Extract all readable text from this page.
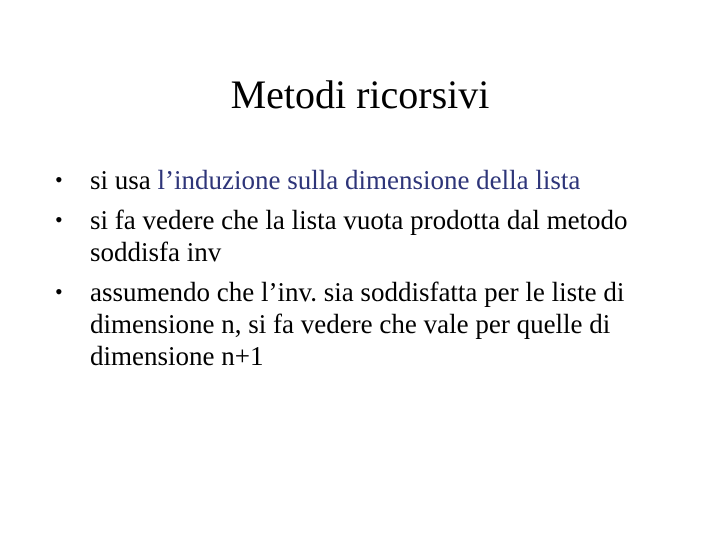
Metodi ricorsivi
• si usa l’induzione sulla dimensione della lista
• si fa vedere che la lista vuota prodotta dal metodo soddisfa inv
• assumendo che l’inv. sia soddisfatta per le liste di dimensione n, si fa vedere che vale per quelle di dimensione n+1
